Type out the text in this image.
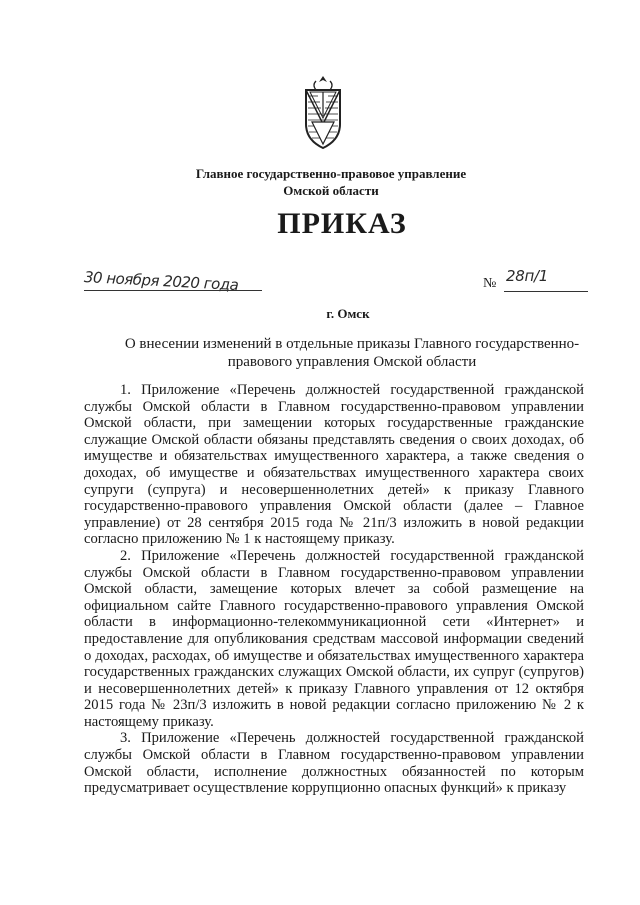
Главное государственно-правовое управление
Омской области
ПРИКАЗ
30 ноября 2020 года	№ 28п/1
г. Омск
О внесении изменений в отдельные приказы Главного государственно-правового управления Омской области

1. Приложение «Перечень должностей государственной гражданской службы Омской области в Главном государственно-правовом управлении Омской области, при замещении которых государственные гражданские служащие Омской области обязаны представлять сведения о своих доходах, об имуществе и обязательствах имущественного характера, а также сведения о доходах, об имуществе и обязательствах имущественного характера своих супруги (супруга) и несовершеннолетних детей» к приказу Главного государственно-правового управления Омской области (далее – Главное управление) от 28 сентября 2015 года № 21п/3 изложить в новой редакции согласно приложению № 1 к настоящему приказу.

2. Приложение «Перечень должностей государственной гражданской службы Омской области в Главном государственно-правовом управлении Омской области, замещение которых влечет за собой размещение на официальном сайте Главного государственно-правового управления Омской области в информационно-телекоммуникационной сети «Интернет» и предоставление для опубликования средствам массовой информации сведений о доходах, расходах, об имуществе и обязательствах имущественного характера государственных гражданских служащих Омской области, их супруг (супругов) и несовершеннолетних детей» к приказу Главного управления от 12 октября 2015 года № 23п/3 изложить в новой редакции согласно приложению № 2 к настоящему приказу.

3. Приложение «Перечень должностей государственной гражданской службы Омской области в Главном государственно-правовом управлении Омской области, исполнение должностных обязанностей по которым предусматривает осуществление коррупционно опасных функций» к приказу
